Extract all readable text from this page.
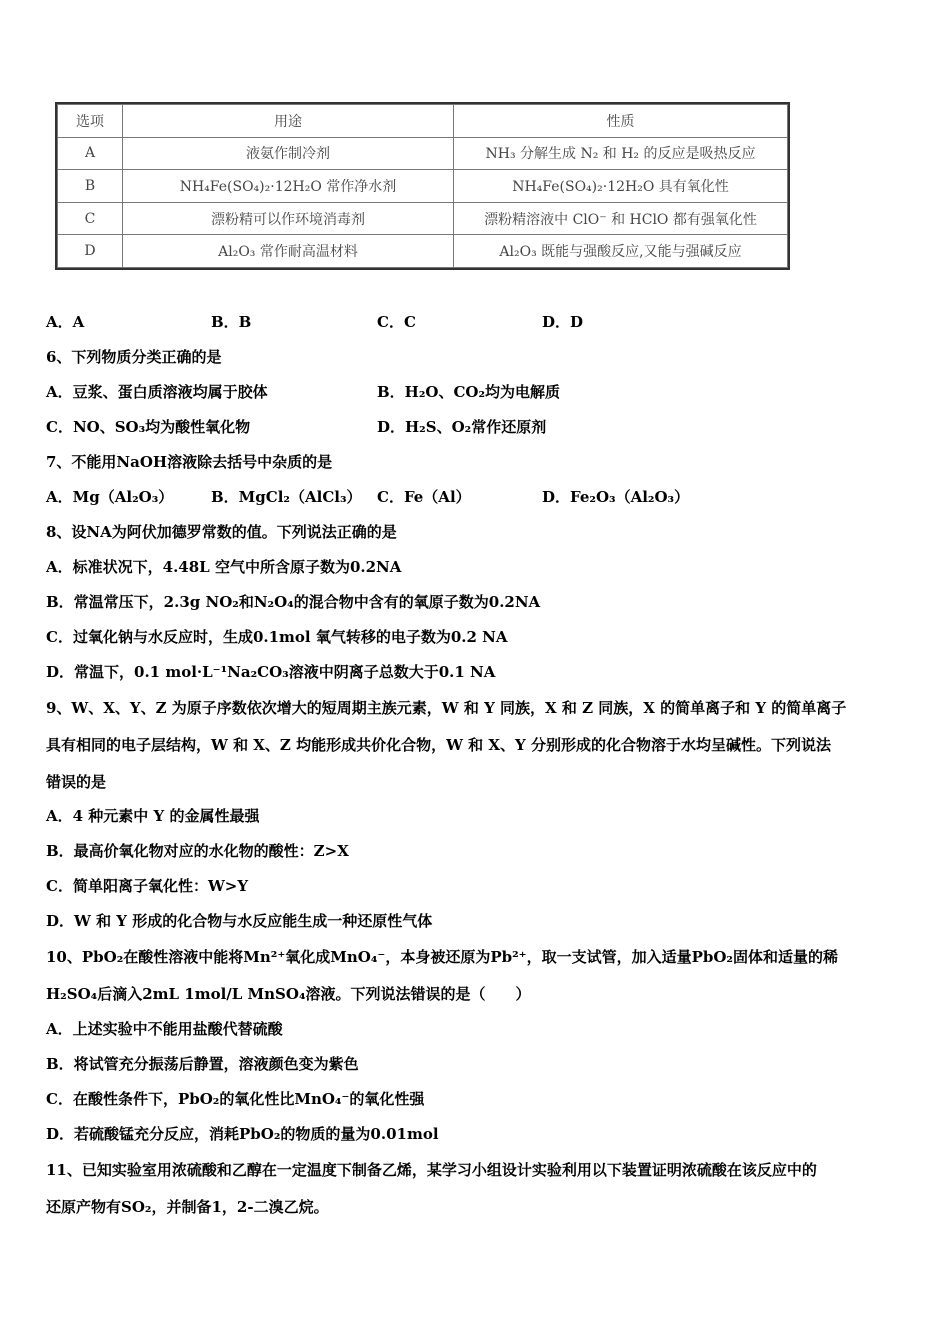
选项	用途	性质
A	液氨作制冷剂	NH₃ 分解生成 N₂ 和 H₂ 的反应是吸热反应
B	NH₄Fe(SO₄)₂·12H₂O 常作净水剂	NH₄Fe(SO₄)₂·12H₂O 具有氧化性
C	漂粉精可以作环境消毒剂	漂粉精溶液中 ClO⁻ 和 HClO 都有强氧化性
D	Al₂O₃ 常作耐高温材料	Al₂O₃ 既能与强酸反应,又能与强碱反应
A．A	B．B	C．C	D．D
6、下列物质分类正确的是
A．豆浆、蛋白质溶液均属于胶体	B．H₂O、CO₂均为电解质
C．NO、SO₃均为酸性氧化物	D．H₂S、O₂常作还原剂
7、不能用NaOH溶液除去括号中杂质的是
A．Mg（Al₂O₃）	B．MgCl₂（AlCl₃） C．Fe（Al）	D．Fe₂O₃（Al₂O₃）
8、设NA为阿伏加德罗常数的值。下列说法正确的是
A．标准状况下，4.48L 空气中所含原子数为0.2NA
B．常温常压下，2.3g NO₂和N₂O₄的混合物中含有的氧原子数为0.2NA
C．过氧化钠与水反应时，生成0.1mol 氧气转移的电子数为0.2 NA
D．常温下，0.1 mol·L⁻¹Na₂CO₃溶液中阴离子总数大于0.1 NA
9、W、X、Y、Z 为原子序数依次增大的短周期主族元素，W 和 Y 同族，X 和 Z 同族，X 的简单离子和 Y 的简单离子
具有相同的电子层结构，W 和 X、Z 均能形成共价化合物，W 和 X、Y 分别形成的化合物溶于水均呈碱性。下列说法
错误的是
A．4 种元素中 Y 的金属性最强
B．最高价氧化物对应的水化物的酸性：Z>X
C．简单阳离子氧化性：W>Y
D．W 和 Y 形成的化合物与水反应能生成一种还原性气体
10、PbO₂在酸性溶液中能将Mn²⁺氧化成MnO₄⁻，本身被还原为Pb²⁺，取一支试管，加入适量PbO₂固体和适量的稀
H₂SO₄后滴入2mL 1mol/L MnSO₄溶液。下列说法错误的是（　　）
A．上述实验中不能用盐酸代替硫酸
B．将试管充分振荡后静置，溶液颜色变为紫色
C．在酸性条件下，PbO₂的氧化性比MnO₄⁻的氧化性强
D．若硫酸锰充分反应，消耗PbO₂的物质的量为0.01mol
11、已知实验室用浓硫酸和乙醇在一定温度下制备乙烯，某学习小组设计实验利用以下装置证明浓硫酸在该反应中的
还原产物有SO₂，并制备1，2-二溴乙烷。
